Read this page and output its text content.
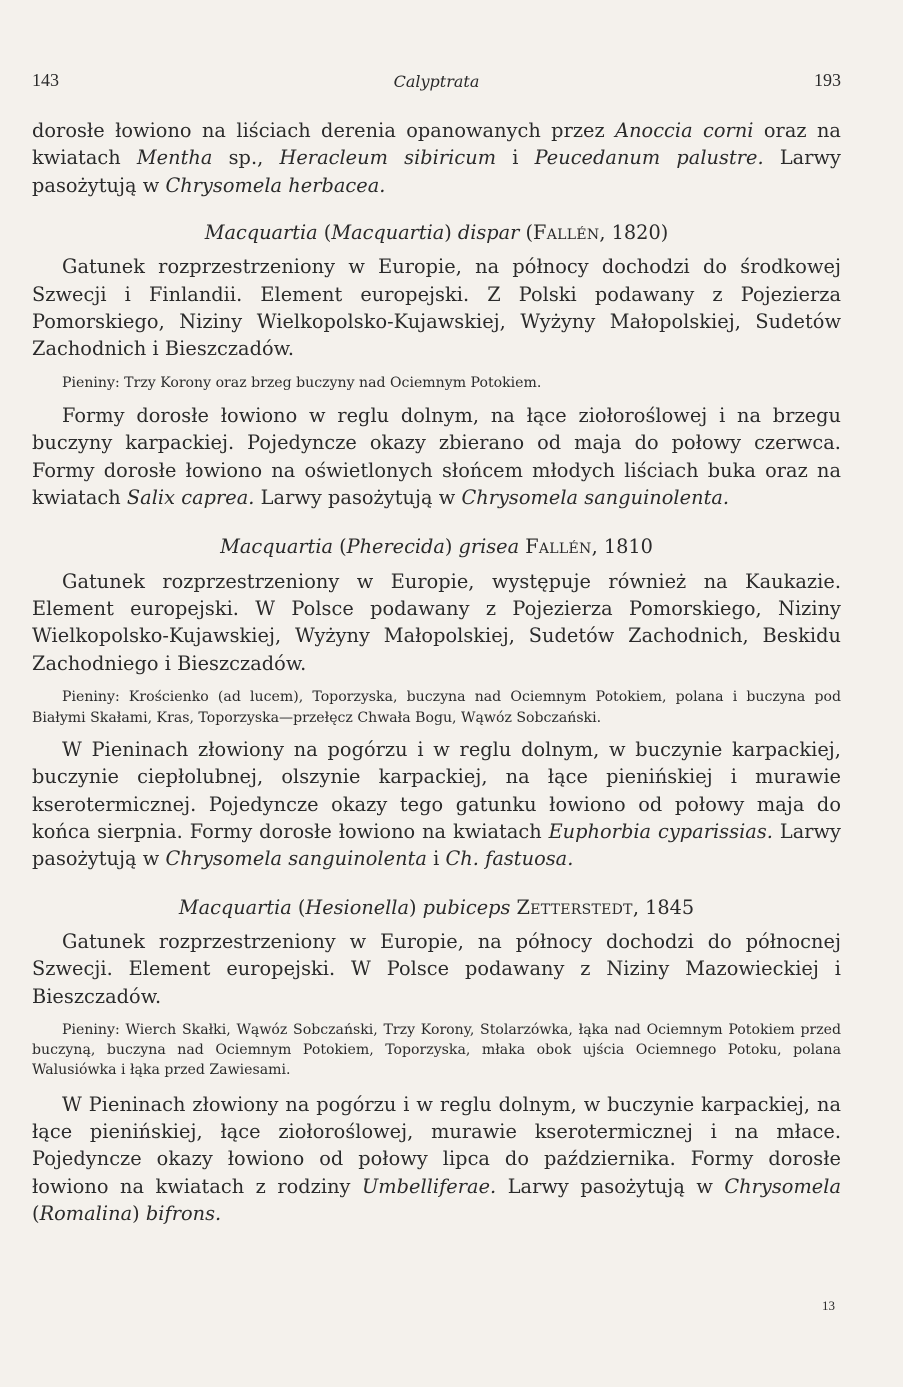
143	Calyptrata	193

dorosłe łowiono na liściach derenia opanowanych przez Anoccia corni oraz na kwiatach Mentha sp., Heracleum sibiricum i Peucedanum palustre. Larwy pasożytują w Chrysomela herbacea.

Macquartia (Macquartia) dispar (Fallén, 1820)

Gatunek rozprzestrzeniony w Europie, na północy dochodzi do środkowej Szwecji i Finlandii. Element europejski. Z Polski podawany z Pojezierza Pomorskiego, Niziny Wielkopolsko-Kujawskiej, Wyżyny Małopolskiej, Sudetów Zachodnich i Bieszczadów.

Pieniny: Trzy Korony oraz brzeg buczyny nad Ociemnym Potokiem.

Formy dorosłe łowiono w reglu dolnym, na łące ziołoroślowej i na brzegu buczyny karpackiej. Pojedyncze okazy zbierano od maja do połowy czerwca. Formy dorosłe łowiono na oświetlonych słońcem młodych liściach buka oraz na kwiatach Salix caprea. Larwy pasożytują w Chrysomela sanguinolenta.

Macquartia (Pherecida) grisea Fallén, 1810

Gatunek rozprzestrzeniony w Europie, występuje również na Kaukazie. Element europejski. W Polsce podawany z Pojezierza Pomorskiego, Niziny Wielkopolsko-Kujawskiej, Wyżyny Małopolskiej, Sudetów Zachodnich, Beskidu Zachodniego i Bieszczadów.

Pieniny: Krościenko (ad lucem), Toporzyska, buczyna nad Ociemnym Potokiem, polana i buczyna pod Białymi Skałami, Kras, Toporzyska—przełęcz Chwała Bogu, Wąwóz Sobczański.

W Pieninach złowiony na pogórzu i w reglu dolnym, w buczynie karpackiej, buczynie ciepłolubnej, olszynie karpackiej, na łące pienińskiej i murawie kserotermicznej. Pojedyncze okazy tego gatunku łowiono od połowy maja do końca sierpnia. Formy dorosłe łowiono na kwiatach Euphorbia cyparissias. Larwy pasożytują w Chrysomela sanguinolenta i Ch. fastuosa.

Macquartia (Hesionella) pubiceps Zetterstedt, 1845

Gatunek rozprzestrzeniony w Europie, na północy dochodzi do północnej Szwecji. Element europejski. W Polsce podawany z Niziny Mazowieckiej i Bieszczadów.

Pieniny: Wierch Skałki, Wąwóz Sobczański, Trzy Korony, Stolarzówka, łąka nad Ociemnym Potokiem przed buczyną, buczyna nad Ociemnym Potokiem, Toporzyska, młaka obok ujścia Ociemnego Potoku, polana Walusiówka i łąka przed Zawiesami.

W Pieninach złowiony na pogórzu i w reglu dolnym, w buczynie karpackiej, na łące pienińskiej, łące ziołoroślowej, murawie kserotermicznej i na młace. Pojedyncze okazy łowiono od połowy lipca do października. Formy dorosłe łowiono na kwiatach z rodziny Umbelliferae. Larwy pasożytują w Chrysomela (Romalina) bifrons.

13
